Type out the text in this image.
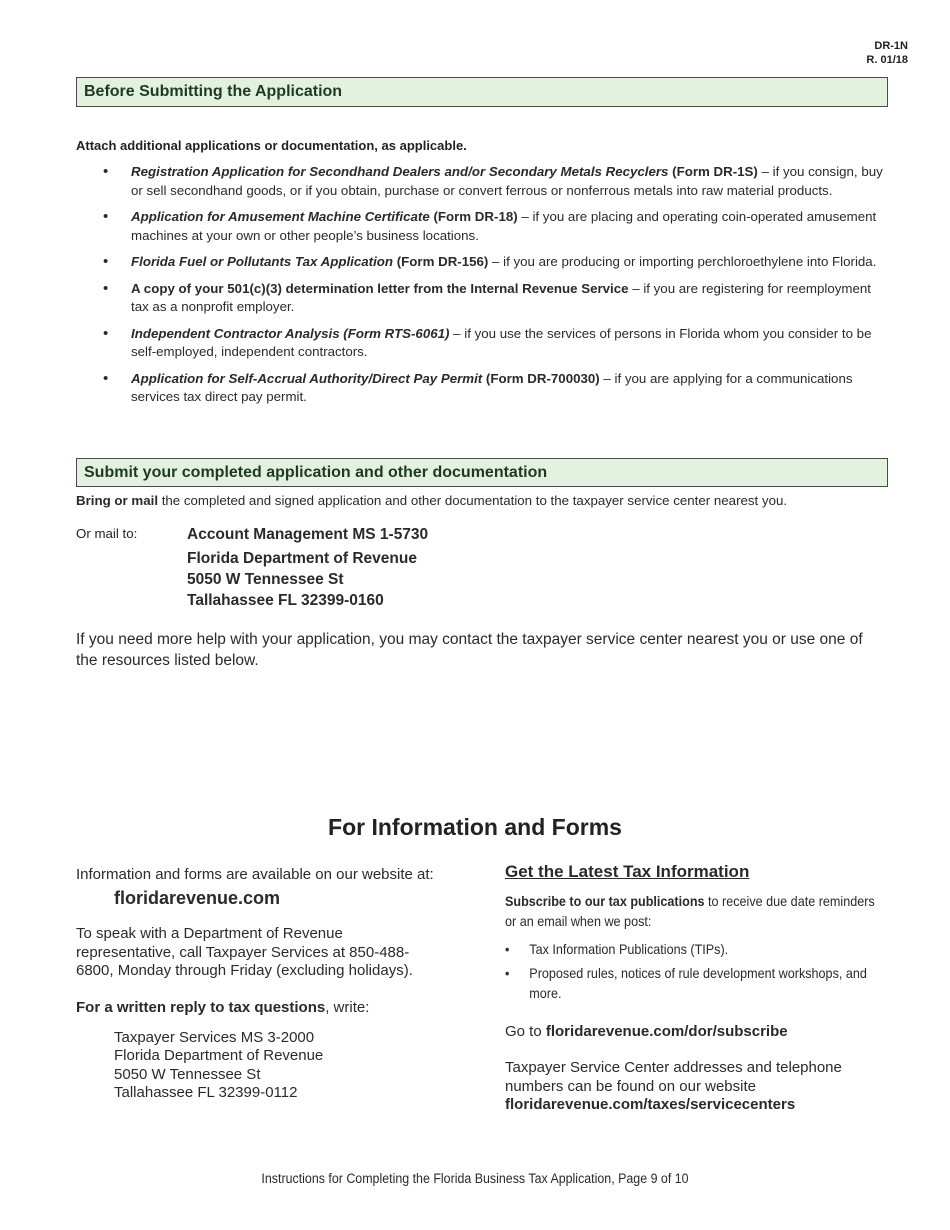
DR-1N
R. 01/18
Before Submitting the Application
Attach additional applications or documentation, as applicable.
• Registration Application for Secondhand Dealers and/or Secondary Metals Recyclers (Form DR-1S) – if you consign, buy or sell secondhand goods, or if you obtain, purchase or convert ferrous or nonferrous metals into raw material products.
• Application for Amusement Machine Certificate (Form DR-18) – if you are placing and operating coin-operated amusement machines at your own or other people’s business locations.
• Florida Fuel or Pollutants Tax Application (Form DR-156) – if you are producing or importing perchloroethylene into Florida.
• A copy of your 501(c)(3) determination letter from the Internal Revenue Service – if you are registering for reemployment tax as a nonprofit employer.
• Independent Contractor Analysis (Form RTS-6061) – if you use the services of persons in Florida whom you consider to be self-employed, independent contractors.
• Application for Self-Accrual Authority/Direct Pay Permit (Form DR-700030) – if you are applying for a communications services tax direct pay permit.
Submit your completed application and other documentation
Bring or mail the completed and signed application and other documentation to the taxpayer service center nearest you.
Or mail to:	Account Management MS 1-5730
Florida Department of Revenue
5050 W Tennessee St
Tallahassee FL 32399-0160
If you need more help with your application, you may contact the taxpayer service center nearest you or use one of the resources listed below.
For Information and Forms
Information and forms are available on our website at:
floridarevenue.com
To speak with a Department of Revenue representative, call Taxpayer Services at 850-488-6800, Monday through Friday (excluding holidays).
For a written reply to tax questions, write:
Taxpayer Services MS 3-2000
Florida Department of Revenue
5050 W Tennessee St
Tallahassee FL 32399-0112
Get the Latest Tax Information
Subscribe to our tax publications to receive due date reminders or an email when we post:
• Tax Information Publications (TIPs).
• Proposed rules, notices of rule development workshops, and more.
Go to floridarevenue.com/dor/subscribe
Taxpayer Service Center addresses and telephone numbers can be found on our website
floridarevenue.com/taxes/servicecenters
Instructions for Completing the Florida Business Tax Application, Page 9 of 10
